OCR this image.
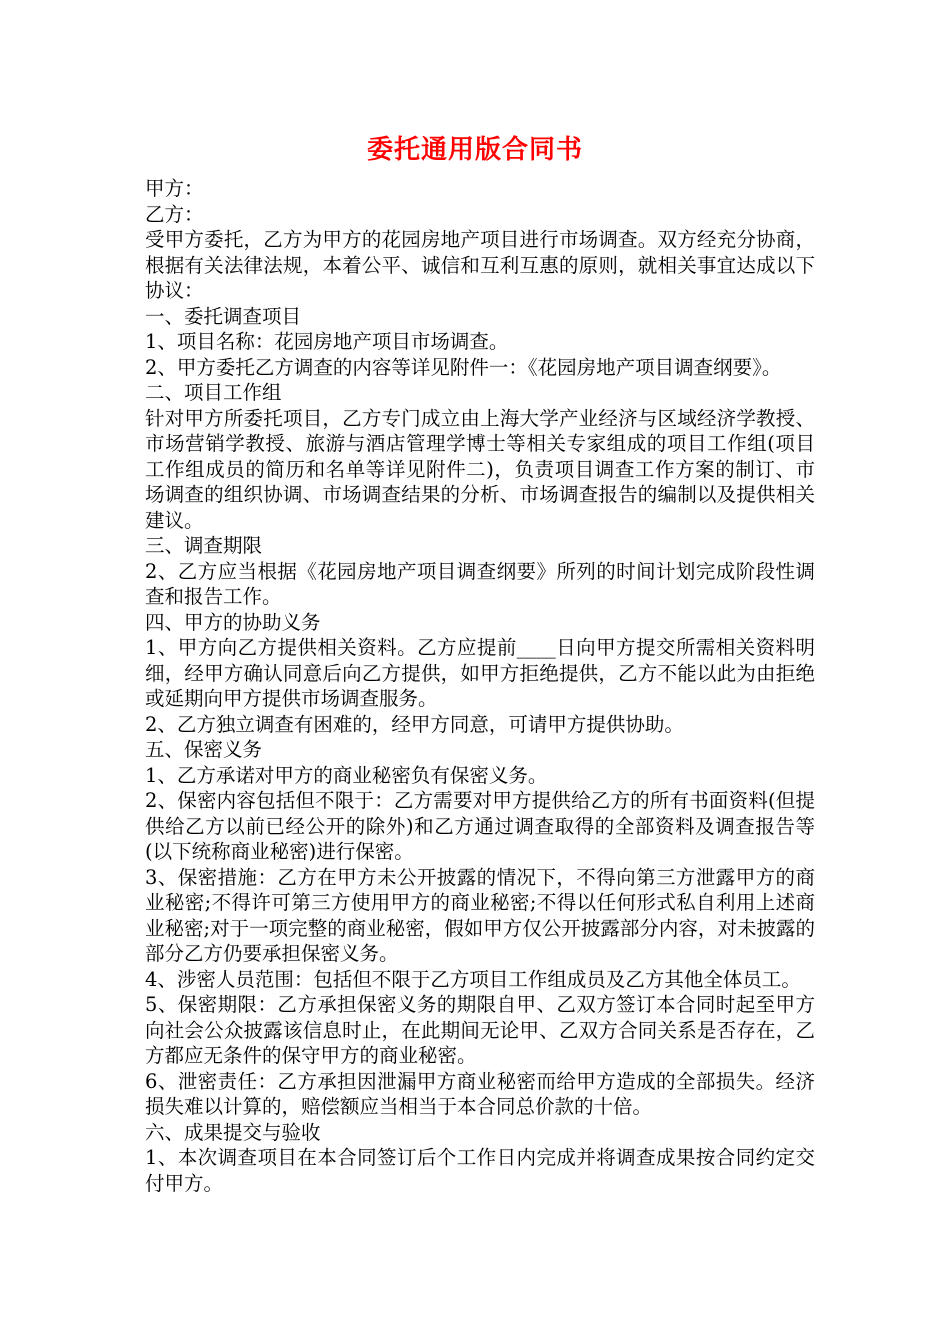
委托通用版合同书

甲方：

乙方：

受甲方委托，乙方为甲方的花园房地产项目进行市场调查。双方经充分协商，根据有关法律法规，本着公平、诚信和互利互惠的原则，就相关事宜达成以下协议：

一、委托调查项目

1、项目名称：花园房地产项目市场调查。

2、甲方委托乙方调查的内容等详见附件一：《花园房地产项目调查纲要》。

二、项目工作组

针对甲方所委托项目，乙方专门成立由上海大学产业经济与区域经济学教授、市场营销学教授、旅游与酒店管理学博士等相关专家组成的项目工作组(项目工作组成员的简历和名单等详见附件二)，负责项目调查工作方案的制订、市场调查的组织协调、市场调查结果的分析、市场调查报告的编制以及提供相关建议。

三、调查期限

2、乙方应当根据《花园房地产项目调查纲要》所列的时间计划完成阶段性调查和报告工作。

四、甲方的协助义务

1、甲方向乙方提供相关资料。乙方应提前____日向甲方提交所需相关资料明细，经甲方确认同意后向乙方提供，如甲方拒绝提供，乙方不能以此为由拒绝或延期向甲方提供市场调查服务。

2、乙方独立调查有困难的，经甲方同意，可请甲方提供协助。

五、保密义务

1、乙方承诺对甲方的商业秘密负有保密义务。

2、保密内容包括但不限于：乙方需要对甲方提供给乙方的所有书面资料(但提供给乙方以前已经公开的除外)和乙方通过调查取得的全部资料及调查报告等(以下统称商业秘密)进行保密。

3、保密措施：乙方在甲方未公开披露的情况下，不得向第三方泄露甲方的商业秘密;不得许可第三方使用甲方的商业秘密;不得以任何形式私自利用上述商业秘密;对于一项完整的商业秘密，假如甲方仅公开披露部分内容，对未披露的部分乙方仍要承担保密义务。

4、涉密人员范围：包括但不限于乙方项目工作组成员及乙方其他全体员工。

5、保密期限：乙方承担保密义务的期限自甲、乙双方签订本合同时起至甲方向社会公众披露该信息时止，在此期间无论甲、乙双方合同关系是否存在，乙方都应无条件的保守甲方的商业秘密。

6、泄密责任：乙方承担因泄漏甲方商业秘密而给甲方造成的全部损失。经济损失难以计算的，赔偿额应当相当于本合同总价款的十倍。

六、成果提交与验收

1、本次调查项目在本合同签订后个工作日内完成并将调查成果按合同约定交付甲方。
